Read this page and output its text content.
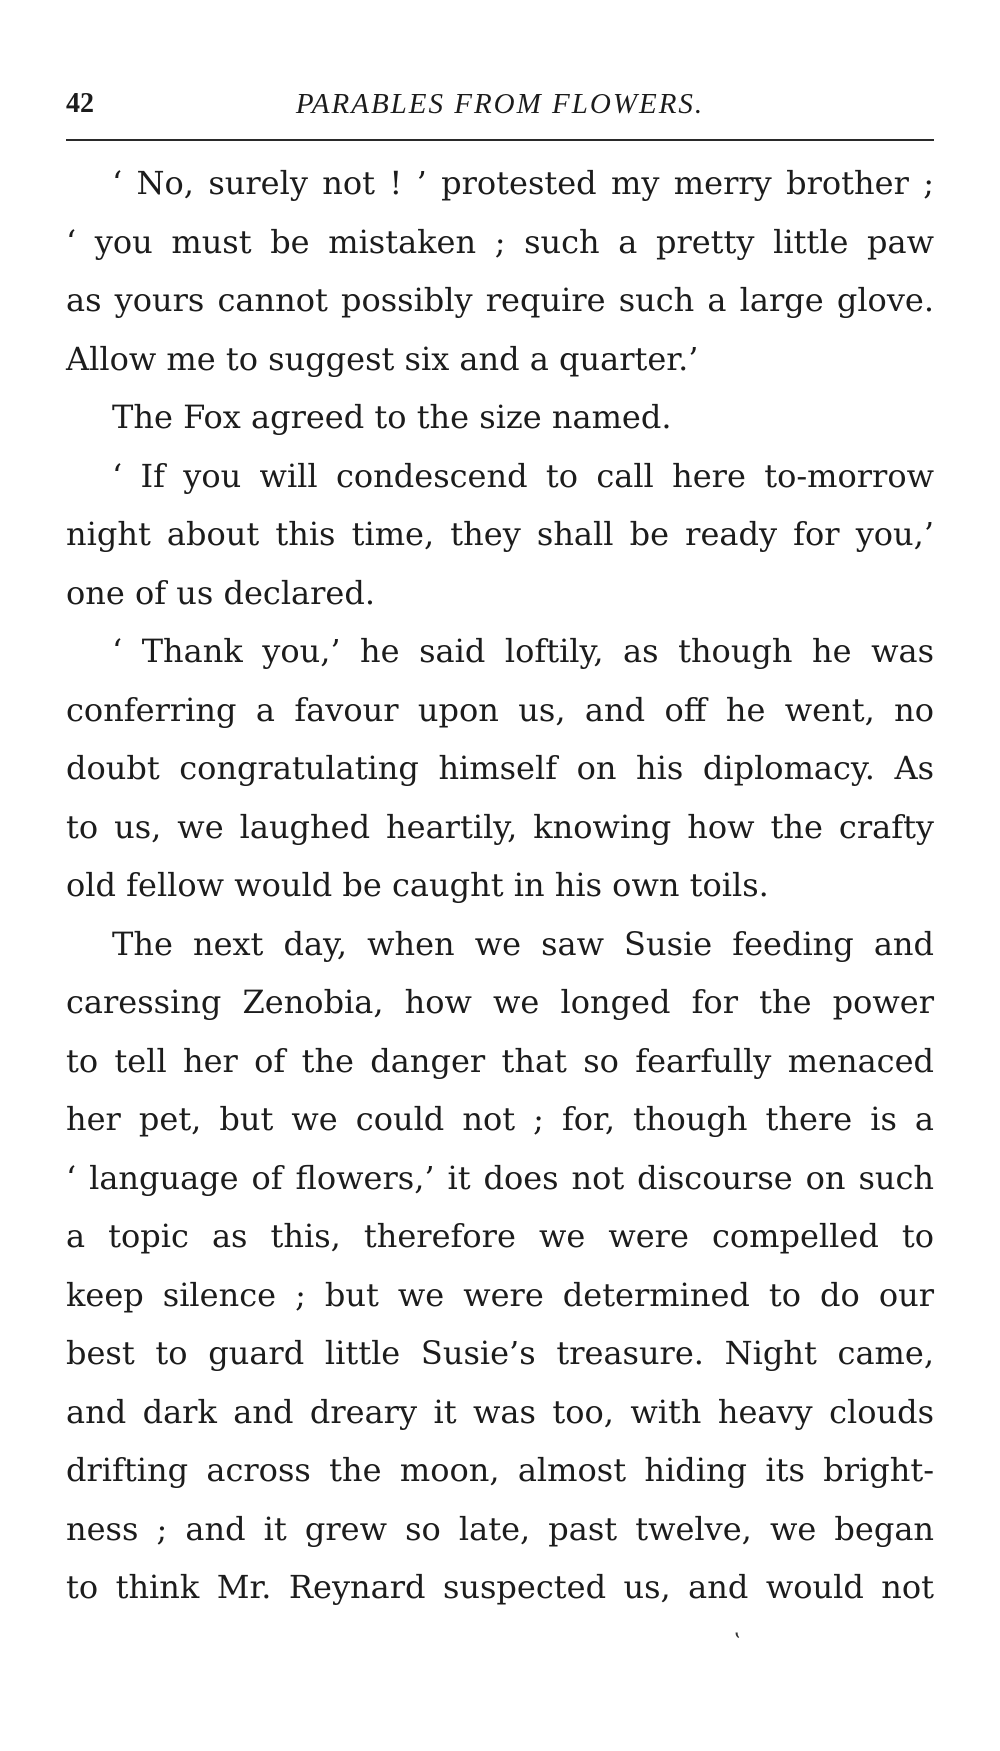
42	PARABLES FROM FLOWERS.
‘ No, surely not ! ’ protested my merry brother ;
‘ you must be mistaken ; such a pretty little paw
as yours cannot possibly require such a large glove.
Allow me to suggest six and a quarter.’
The Fox agreed to the size named.
‘ If you will condescend to call here to-morrow
night about this time, they shall be ready for you,’
one of us declared.
‘ Thank you,’ he said loftily, as though he was
conferring a favour upon us, and off he went, no
doubt congratulating himself on his diplomacy. As
to us, we laughed heartily, knowing how the crafty
old fellow would be caught in his own toils.
The next day, when we saw Susie feeding and
caressing Zenobia, how we longed for the power
to tell her of the danger that so fearfully menaced
her pet, but we could not ; for, though there is a
‘ language of flowers,’ it does not discourse on such
a topic as this, therefore we were compelled to
keep silence ; but we were determined to do our
best to guard little Susie’s treasure. Night came,
and dark and dreary it was too, with heavy clouds
drifting across the moon, almost hiding its bright-
ness ; and it grew so late, past twelve, we began
to think Mr. Reynard suspected us, and would not
‛
